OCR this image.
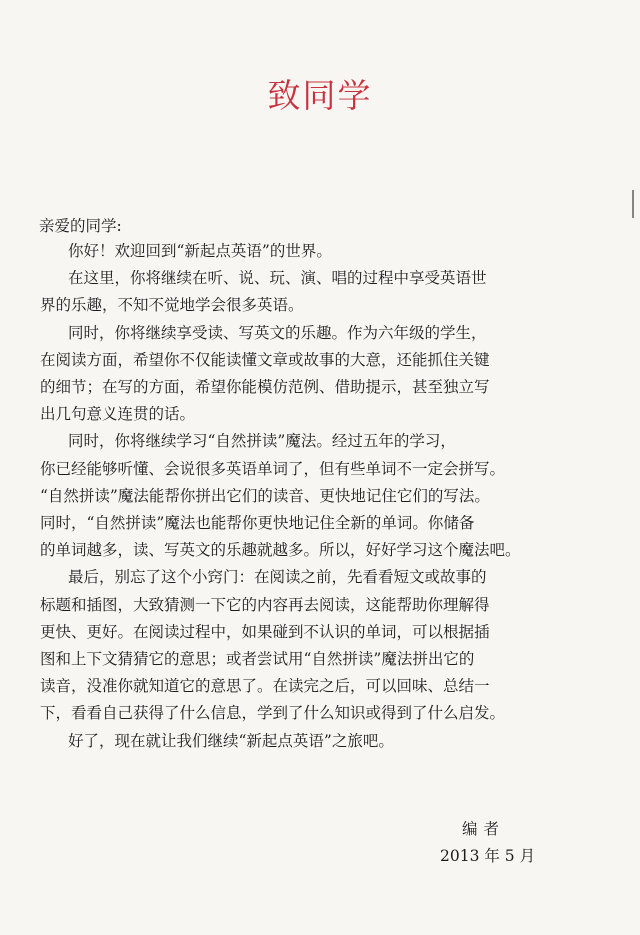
致同学
亲爱的同学:
你好！欢迎回到“新起点英语”的世界。
在这里，你将继续在听、说、玩、演、唱的过程中享受英语世
界的乐趣，不知不觉地学会很多英语。
同时，你将继续享受读、写英文的乐趣。作为六年级的学生，
在阅读方面，希望你不仅能读懂文章或故事的大意，还能抓住关键
的细节；在写的方面，希望你能模仿范例、借助提示，甚至独立写
出几句意义连贯的话。
同时，你将继续学习“自然拼读”魔法。经过五年的学习，
你已经能够听懂、会说很多英语单词了，但有些单词不一定会拼写。
“自然拼读”魔法能帮你拼出它们的读音、更快地记住它们的写法。
同时，“自然拼读”魔法也能帮你更快地记住全新的单词。你储备
的单词越多，读、写英文的乐趣就越多。所以，好好学习这个魔法吧。
最后，别忘了这个小窍门：在阅读之前，先看看短文或故事的
标题和插图，大致猜测一下它的内容再去阅读，这能帮助你理解得
更快、更好。在阅读过程中，如果碰到不认识的单词，可以根据插
图和上下文猜猜它的意思；或者尝试用“自然拼读”魔法拼出它的
读音，没准你就知道它的意思了。在读完之后，可以回味、总结一
下，看看自己获得了什么信息，学到了什么知识或得到了什么启发。
好了，现在就让我们继续“新起点英语”之旅吧。
编者
2013 年 5 月
